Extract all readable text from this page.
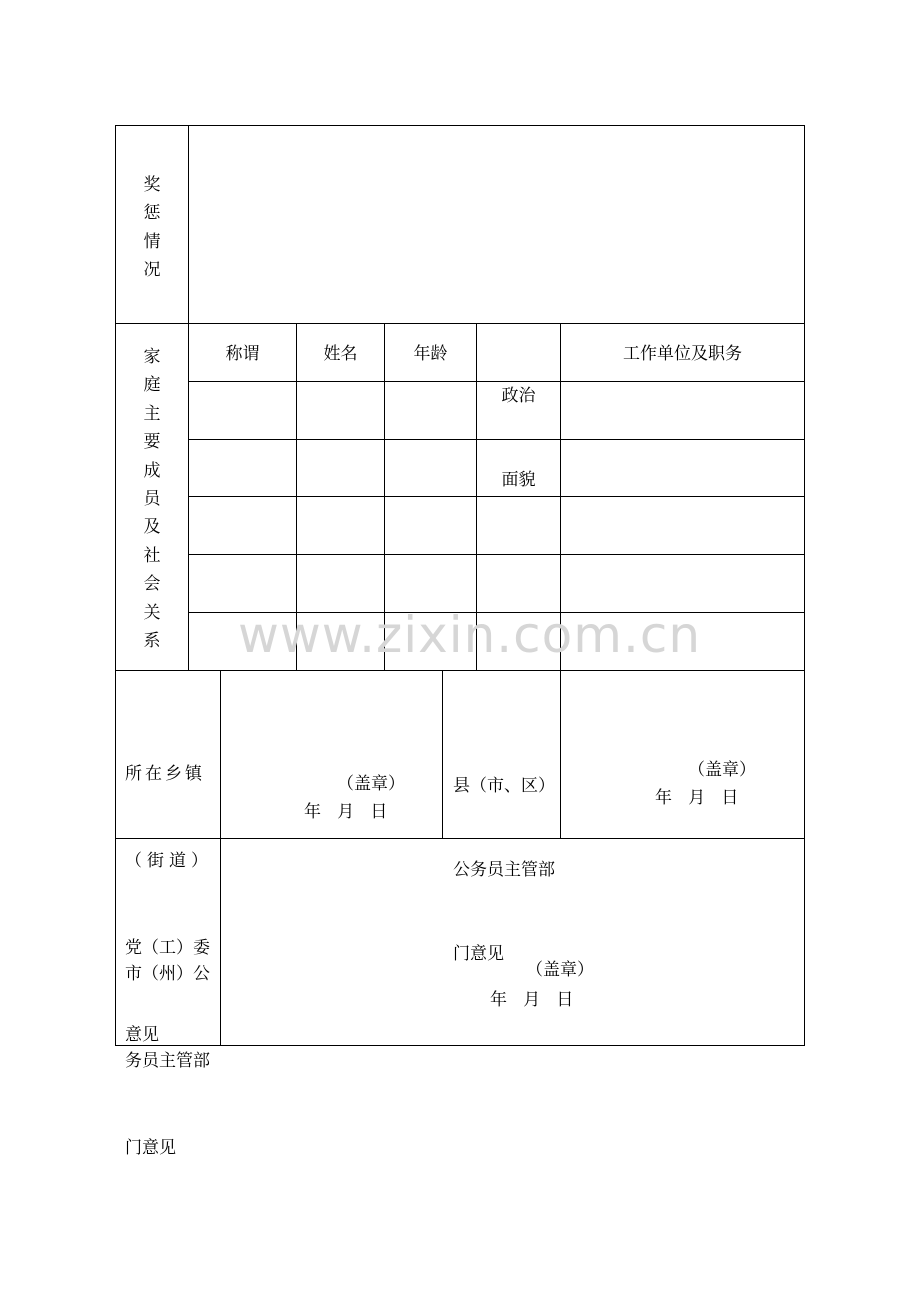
奖
惩
情
况
家
庭
主
要
成
员
及
社
会
关
系
称谓	姓名	年龄

政治

面貌

工作单位及职务

所在乡镇

（街道）

党（工）委

意见

（盖章）
年   月   日

县（市、区）

公务员主管部

门意见

（盖章）
年   月   日

市（州）公

务员主管部

门意见

（盖章）
年   月   日
www.zixin.com.cn
